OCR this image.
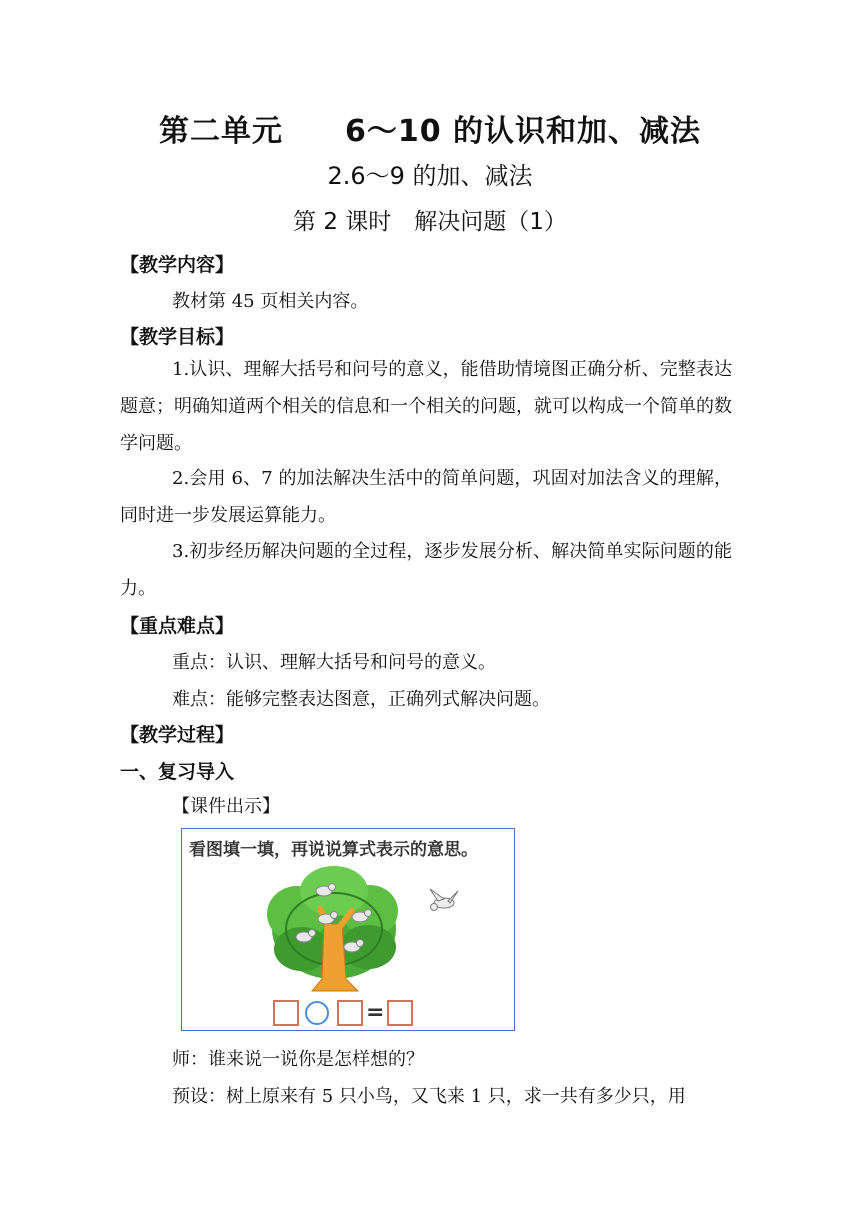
第二单元　　6～10 的认识和加、减法
2.6～9 的加、减法
第 2 课时　解决问题（1）
【教学内容】
教材第 45 页相关内容。
【教学目标】
1.认识、理解大括号和问号的意义，能借助情境图正确分析、完整表达题意；明确知道两个相关的信息和一个相关的问题，就可以构成一个简单的数学问题。
2.会用 6、7 的加法解决生活中的简单问题，巩固对加法含义的理解，同时进一步发展运算能力。
3.初步经历解决问题的全过程，逐步发展分析、解决简单实际问题的能力。
【重点难点】
重点：认识、理解大括号和问号的意义。
难点：能够完整表达图意，正确列式解决问题。
【教学过程】
一、复习导入
【课件出示】
看图填一填，再说说算式表示的意思。
=
师：谁来说一说你是怎样想的？
预设：树上原来有 5 只小鸟，又飞来 1 只，求一共有多少只，用
